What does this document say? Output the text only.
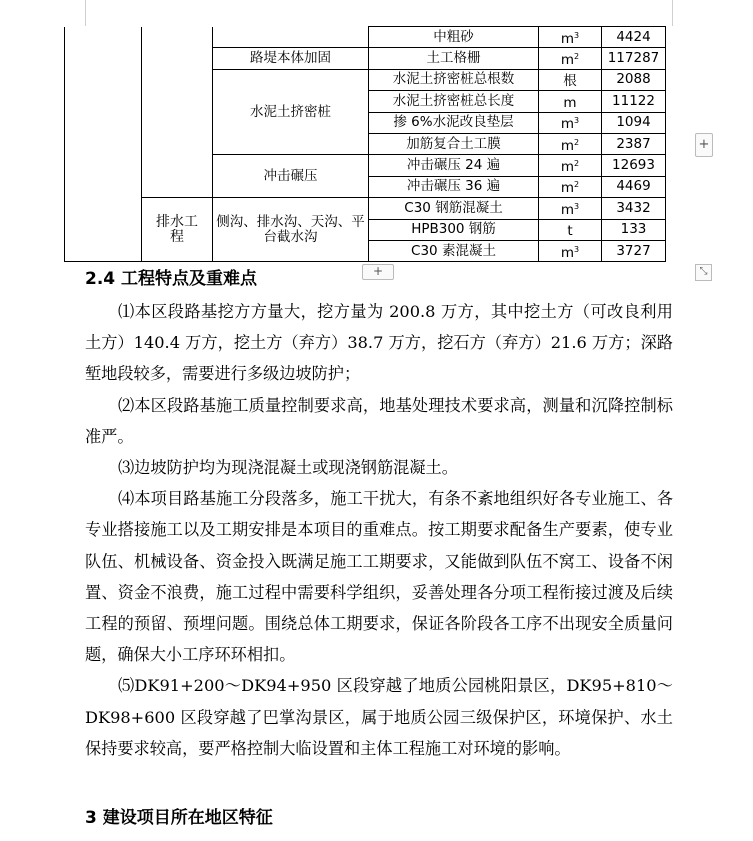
			中粗砂	$m^3$	4424
		路堤本体加固	土工格栅	$m^2$	117287
		水泥土挤密桩	水泥土挤密桩总根数	根	2088
			水泥土挤密桩总长度	m	11122
			掺 6%水泥改良垫层	$m^3$	1094
			加筋复合土工膜	$m^2$	2387
		冲击碾压	冲击碾压 24 遍	$m^2$	12693
			冲击碾压 36 遍	$m^2$	4469
	排水工程	侧沟、排水沟、天沟、平台截水沟	C30 钢筋混凝土	$m^3$	3432
			HPB300 钢筋	t	133
			C30 素混凝土	$m^3$	3727
+
+	⤡
2.4 工程特点及重难点

⑴本区段路基挖方方量大，挖方量为 200.8 万方，其中挖土方（可改良利用土方）140.4 万方，挖土方（弃方）38.7 万方，挖石方（弃方）21.6 万方；深路堑地段较多，需要进行多级边坡防护；

⑵本区段路基施工质量控制要求高，地基处理技术要求高，测量和沉降控制标准严。

⑶边坡防护均为现浇混凝土或现浇钢筋混凝土。

⑷本项目路基施工分段落多，施工干扰大，有条不紊地组织好各专业施工、各专业搭接施工以及工期安排是本项目的重难点。按工期要求配备生产要素，使专业队伍、机械设备、资金投入既满足施工工期要求，又能做到队伍不窝工、设备不闲置、资金不浪费，施工过程中需要科学组织，妥善处理各分项工程衔接过渡及后续工程的预留、预埋问题。围绕总体工期要求，保证各阶段各工序不出现安全质量问题，确保大小工序环环相扣。

⑸DK91+200～DK94+950 区段穿越了地质公园桃阳景区，DK95+810～DK98+600 区段穿越了巴掌沟景区，属于地质公园三级保护区，环境保护、水土保持要求较高，要严格控制大临设置和主体工程施工对环境的影响。

3 建设项目所在地区特征
